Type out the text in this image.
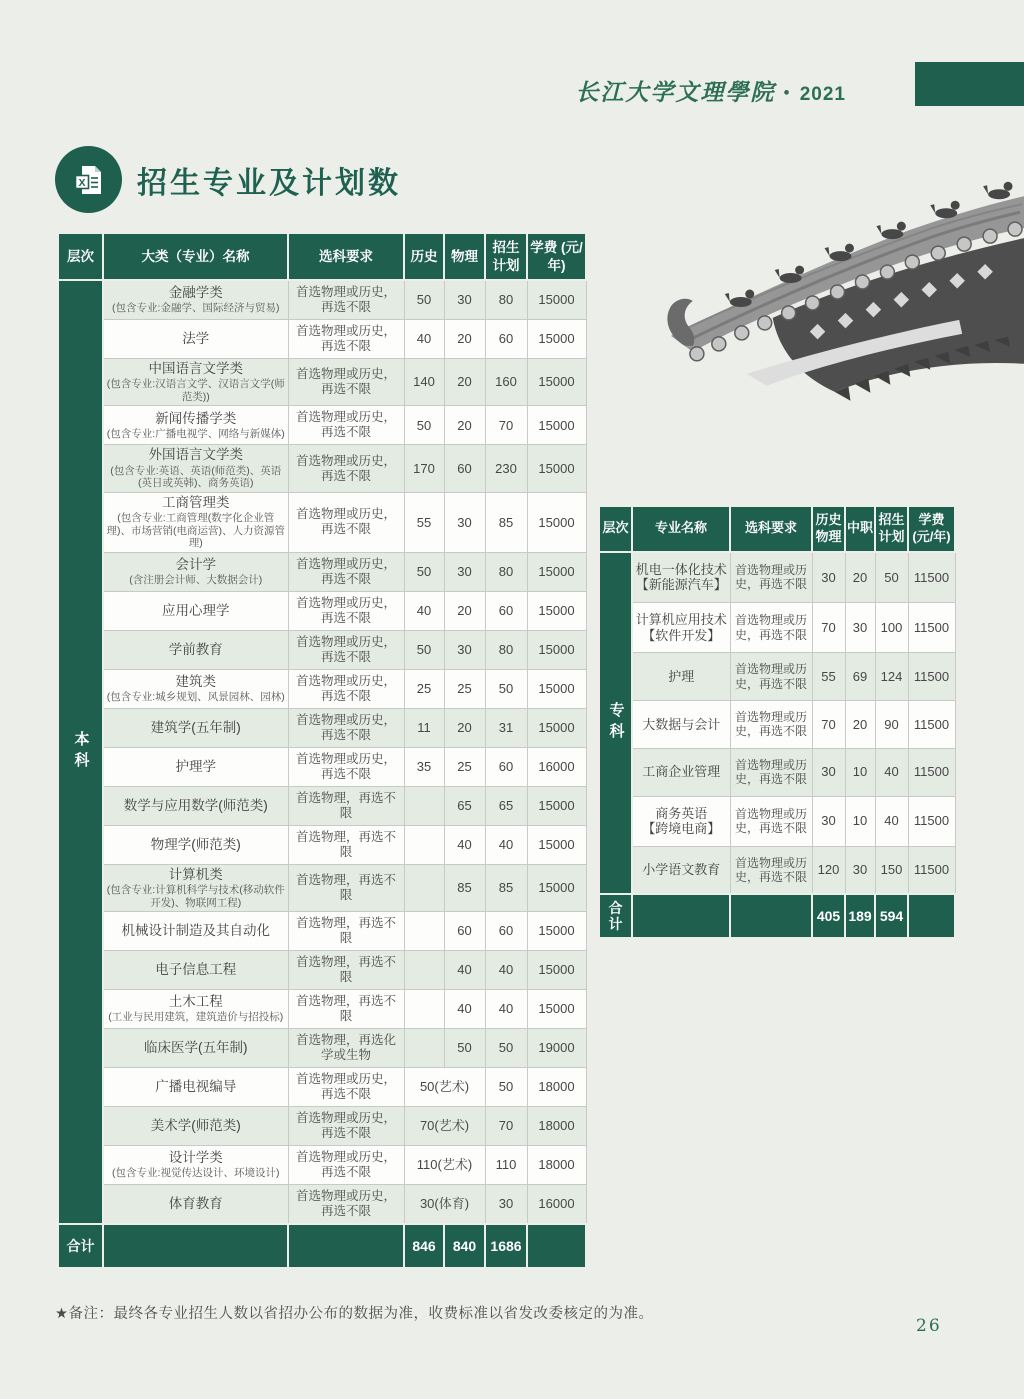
长江大学文理學院 • 2021
X 招生专业及计划数
层次	大类（专业）名称	选科要求	历史	物理	招生计划	学费 (元/年)

本科	金融学类
(包含专业:金融学、国际经济与贸易)	首选物理或历史，再选不限	50	30	80	15000

	法学	首选物理或历史，再选不限	40	20	60	15000

	中国语言文学类
(包含专业:汉语言文学、汉语言文学(师范类))	首选物理或历史，再选不限	140	20	160	15000

	新闻传播学类
(包含专业:广播电视学、网络与新媒体)	首选物理或历史，再选不限	50	20	70	15000

	外国语言文学类
(包含专业:英语、英语(师范类)、英语(英日或英韩)、商务英语)	首选物理或历史，再选不限	170	60	230	15000

	工商管理类
(包含专业:工商管理(数字化企业管理)、市场营销(电商运营)、人力资源管理)	首选物理或历史，再选不限	55	30	85	15000

	会计学
(含注册会计师、大数据会计)	首选物理或历史，再选不限	50	30	80	15000

	应用心理学	首选物理或历史，再选不限	40	20	60	15000

	学前教育	首选物理或历史，再选不限	50	30	80	15000

	建筑类
(包含专业:城乡规划、风景园林、园林)	首选物理或历史，再选不限	25	25	50	15000

	建筑学(五年制)	首选物理或历史，再选不限	11	20	31	15000

	护理学	首选物理或历史，再选不限	35	25	60	16000

	数学与应用数学(师范类)	首选物理，再选不限		65	65	15000

	物理学(师范类)	首选物理，再选不限		40	40	15000

	计算机类
(包含专业:计算机科学与技术(移动软件开发)、物联网工程)	首选物理，再选不限		85	85	15000

	机械设计制造及其自动化	首选物理，再选不限		60	60	15000

	电子信息工程	首选物理，再选不限		40	40	15000

	土木工程
(工业与民用建筑，建筑造价与招投标)	首选物理，再选不限		40	40	15000

	临床医学(五年制)	首选物理，再选化学或生物		50	50	19000

	广播电视编导	首选物理或历史，再选不限	50(艺术)		50	18000

	美术学(师范类)	首选物理或历史，再选不限	70(艺术)		70	18000

	设计学类
(包含专业:视觉传达设计、环境设计)	首选物理或历史，再选不限	110(艺术)		110	18000

	体育教育	首选物理或历史，再选不限	30(体育)		30	16000
合计			846	840	1686	
层次	专业名称	选科要求	历史物理	中职	招生计划	学费 (元/年)

专科	机电一体化技术
【新能源汽车】	首选物理或历史，再选不限	30	20	50	11500

	计算机应用技术
【软件开发】	首选物理或历史，再选不限	70	30	100	11500

	护理	首选物理或历史，再选不限	55	69	124	11500

	大数据与会计	首选物理或历史，再选不限	70	20	90	11500

	工商企业管理	首选物理或历史，再选不限	30	10	40	11500

	商务英语
【跨境电商】	首选物理或历史，再选不限	30	10	40	11500

	小学语文教育	首选物理或历史，再选不限	120	30	150	11500
合计			405	189	594	
★备注：最终各专业招生人数以省招办公布的数据为准，收费标准以省发改委核定的为准。
26
